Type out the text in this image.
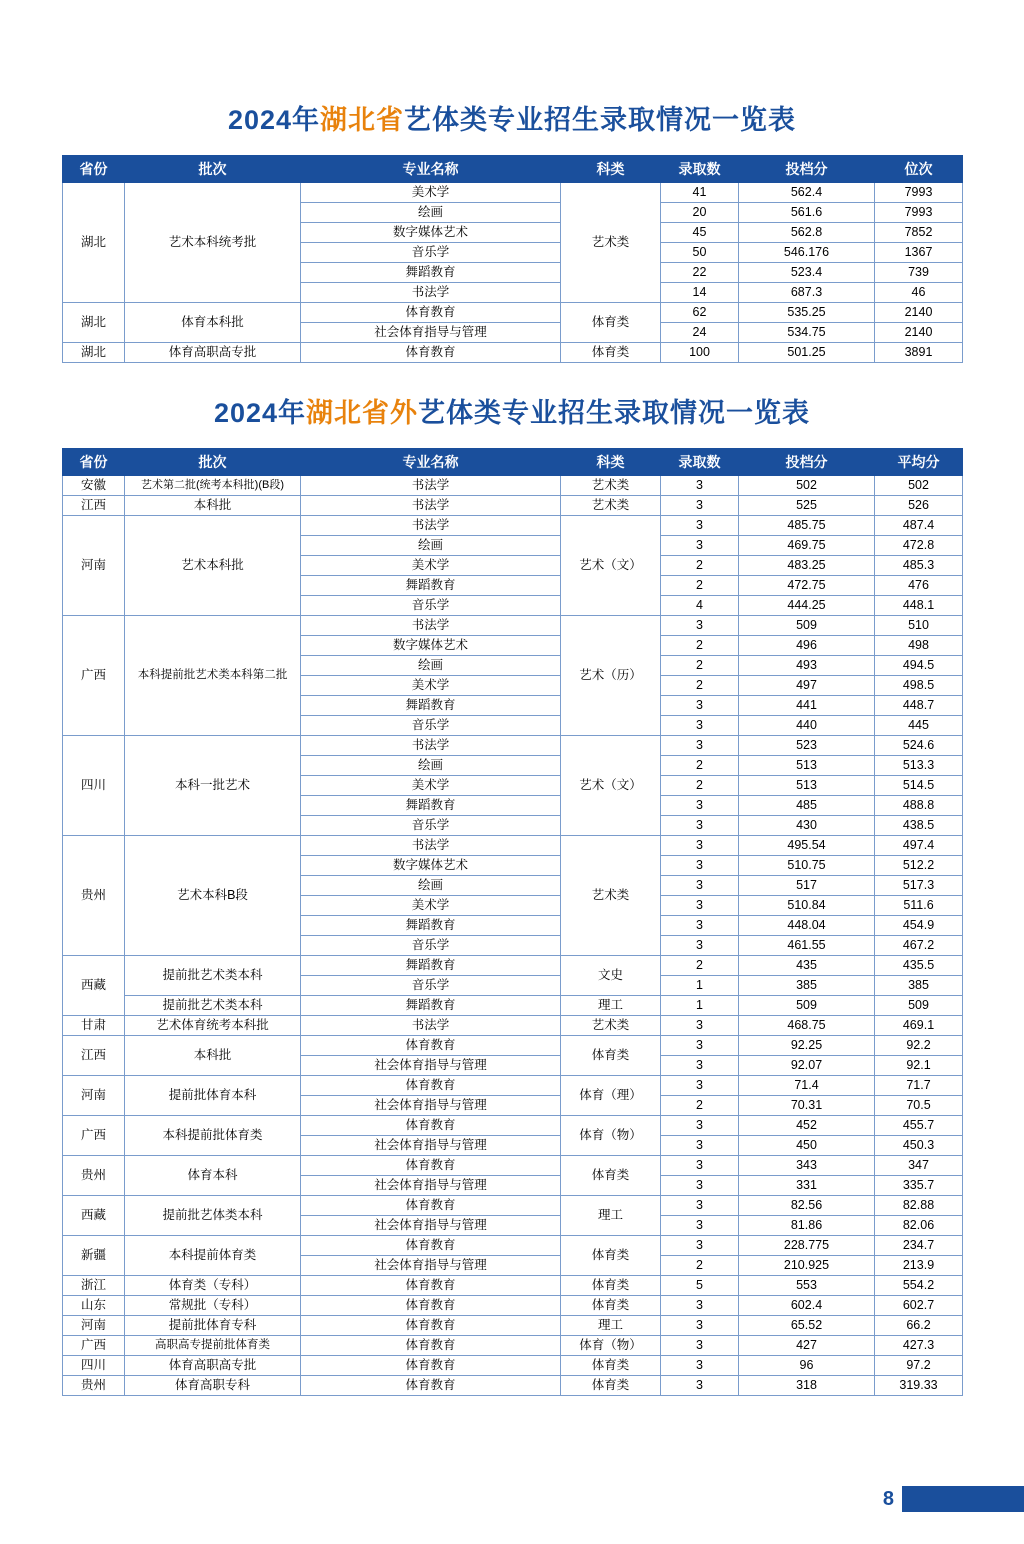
2024年湖北省艺体类专业招生录取情况一览表
省份	批次	专业名称	科类	录取数	投档分	位次
湖北	艺术本科统考批	美术学	艺术类	41	562.4	7993
		绘画		20	561.6	7993
		数字媒体艺术		45	562.8	7852
		音乐学		50	546.176	1367
		舞蹈教育		22	523.4	739
		书法学		14	687.3	46
湖北	体育本科批	体育教育	体育类	62	535.25	2140
		社会体育指导与管理		24	534.75	2140
湖北	体育高职高专批	体育教育	体育类	100	501.25	3891
2024年湖北省外艺体类专业招生录取情况一览表
省份	批次	专业名称	科类	录取数	投档分	平均分
安徽	艺术第二批(统考本科批)(B段)	书法学	艺术类	3	502	502
江西	本科批	书法学	艺术类	3	525	526
河南	艺术本科批	书法学	艺术（文）	3	485.75	487.4
		绘画		3	469.75	472.8
		美术学		2	483.25	485.3
		舞蹈教育		2	472.75	476
		音乐学		4	444.25	448.1
广西	本科提前批艺术类本科第二批	书法学	艺术（历）	3	509	510
		数字媒体艺术		2	496	498
		绘画		2	493	494.5
		美术学		2	497	498.5
		舞蹈教育		3	441	448.7
		音乐学		3	440	445
四川	本科一批艺术	书法学	艺术（文）	3	523	524.6
		绘画		2	513	513.3
		美术学		2	513	514.5
		舞蹈教育		3	485	488.8
		音乐学		3	430	438.5
贵州	艺术本科B段	书法学	艺术类	3	495.54	497.4
		数字媒体艺术		3	510.75	512.2
		绘画		3	517	517.3
		美术学		3	510.84	511.6
		舞蹈教育		3	448.04	454.9
		音乐学		3	461.55	467.2
西藏	提前批艺术类本科	舞蹈教育	文史	2	435	435.5
		音乐学		1	385	385
	提前批艺术类本科	舞蹈教育	理工	1	509	509
甘肃	艺术体育统考本科批	书法学	艺术类	3	468.75	469.1
江西	本科批	体育教育	体育类	3	92.25	92.2
		社会体育指导与管理		3	92.07	92.1
河南	提前批体育本科	体育教育	体育（理）	3	71.4	71.7
		社会体育指导与管理		2	70.31	70.5
广西	本科提前批体育类	体育教育	体育（物）	3	452	455.7
		社会体育指导与管理		3	450	450.3
贵州	体育本科	体育教育	体育类	3	343	347
		社会体育指导与管理		3	331	335.7
西藏	提前批艺体类本科	体育教育	理工	3	82.56	82.88
		社会体育指导与管理		3	81.86	82.06
新疆	本科提前体育类	体育教育	体育类	3	228.775	234.7
		社会体育指导与管理		2	210.925	213.9
浙江	体育类（专科）	体育教育	体育类	5	553	554.2
山东	常规批（专科）	体育教育	体育类	3	602.4	602.7
河南	提前批体育专科	体育教育	理工	3	65.52	66.2
广西	高职高专提前批体育类	体育教育	体育（物）	3	427	427.3
四川	体育高职高专批	体育教育	体育类	3	96	97.2
贵州	体育高职专科	体育教育	体育类	3	318	319.33
8
